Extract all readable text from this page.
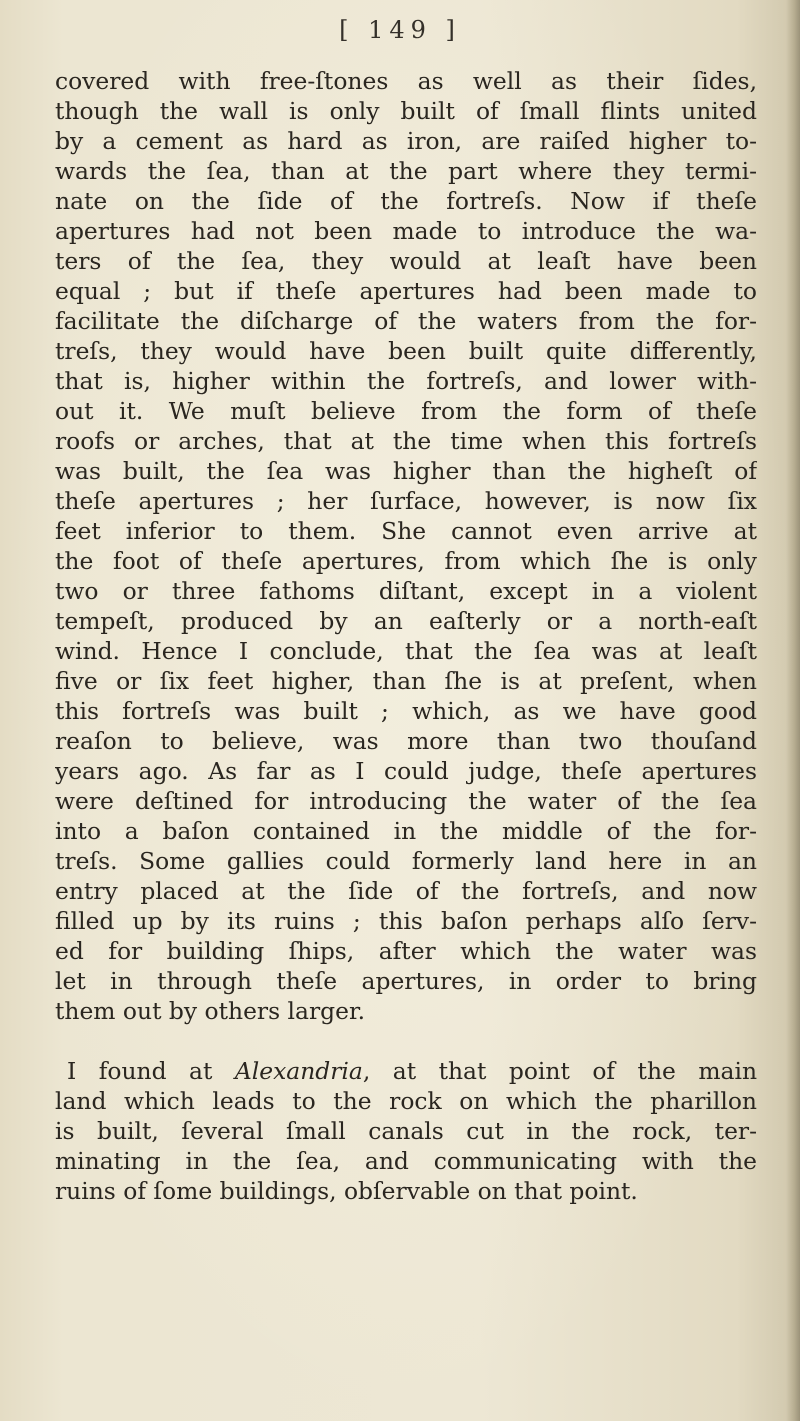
[ 149 ]
covered with free-ſtones as well as their ſides,
though the wall is only built of ſmall flints united
by a cement as hard as iron, are raiſed higher to-
wards the ſea, than at the part where they termi-
nate on the ſide of the fortreſs. Now if theſe
apertures had not been made to introduce the wa-
ters of the ſea, they would at leaſt have been
equal ; but if theſe apertures had been made to
facilitate the diſcharge of the waters from the for-
treſs, they would have been built quite differently,
that is, higher within the fortreſs, and lower with-
out it. We muſt believe from the form of theſe
roofs or arches, that at the time when this fortreſs
was built, the ſea was higher than the higheſt of
theſe apertures ; her ſurface, however, is now ſix
feet inferior to them. She cannot even arrive at
the foot of theſe apertures, from which ſhe is only
two or three fathoms diſtant, except in a violent
tempeſt, produced by an eaſterly or a north-eaſt
wind. Hence I conclude, that the ſea was at leaſt
five or ſix feet higher, than ſhe is at preſent, when
this fortreſs was built ; which, as we have good
reaſon to believe, was more than two thouſand
years ago. As far as I could judge, theſe apertures
were deſtined for introducing the water of the ſea
into a baſon contained in the middle of the for-
treſs. Some gallies could formerly land here in an
entry placed at the ſide of the fortreſs, and now
filled up by its ruins ; this baſon perhaps alſo ſerv-
ed for building ſhips, after which the water was
let in through theſe apertures, in order to bring
them out by others larger.
I found at Alexandria, at that point of the main
land which leads to the rock on which the pharillon
is built, ſeveral ſmall canals cut in the rock, ter-
minating in the ſea, and communicating with the
ruins of ſome buildings, obſervable on that point.
